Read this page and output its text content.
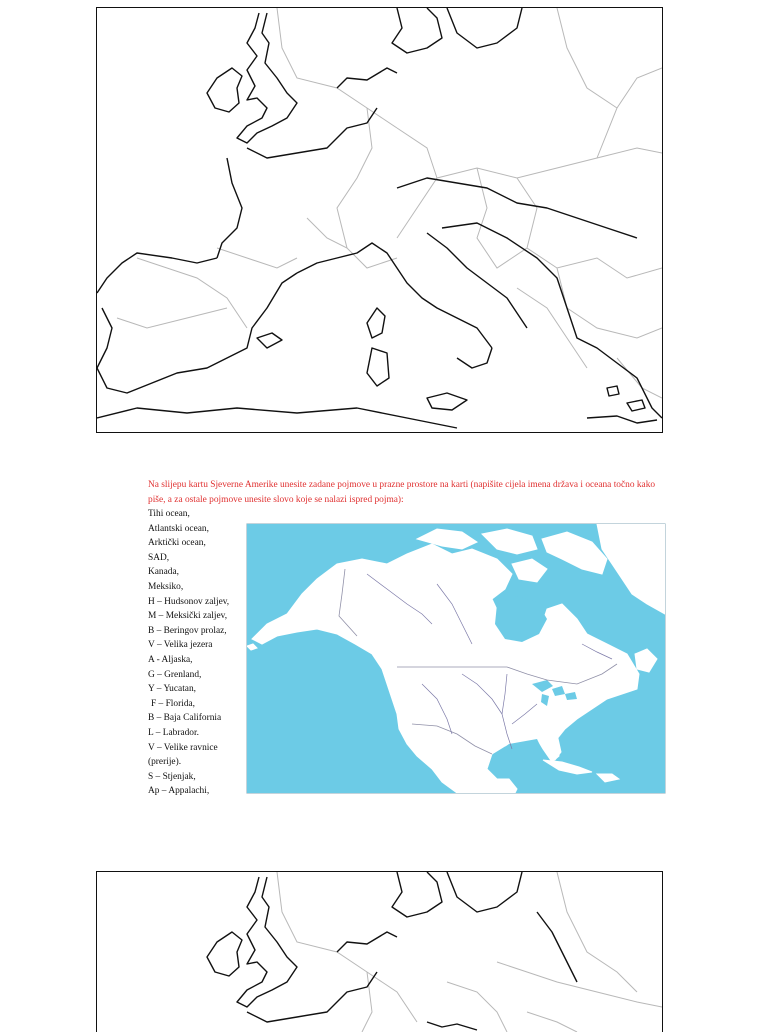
Na slijepu kartu Sjeverne Amerike unesite zadane pojmove u prazne prostore na karti (napišite cijela imena država i oceana točno kako piše, a za ostale pojmove unesite slovo koje se nalazi ispred pojma):

Tihi ocean,
Atlantski ocean,
Arktički ocean,
SAD,
Kanada,
Meksiko,
H – Hudsonov zaljev,
M – Meksički zaljev,
B – Beringov prolaz,
V – Velika jezera
A - Aljaska,
G – Grenland,
Y – Yucatan,
F – Florida,
B – Baja California
L – Labrador.
V – Velike ravnice
(prerije).
S – Stjenjak,
Ap – Appalachi,
